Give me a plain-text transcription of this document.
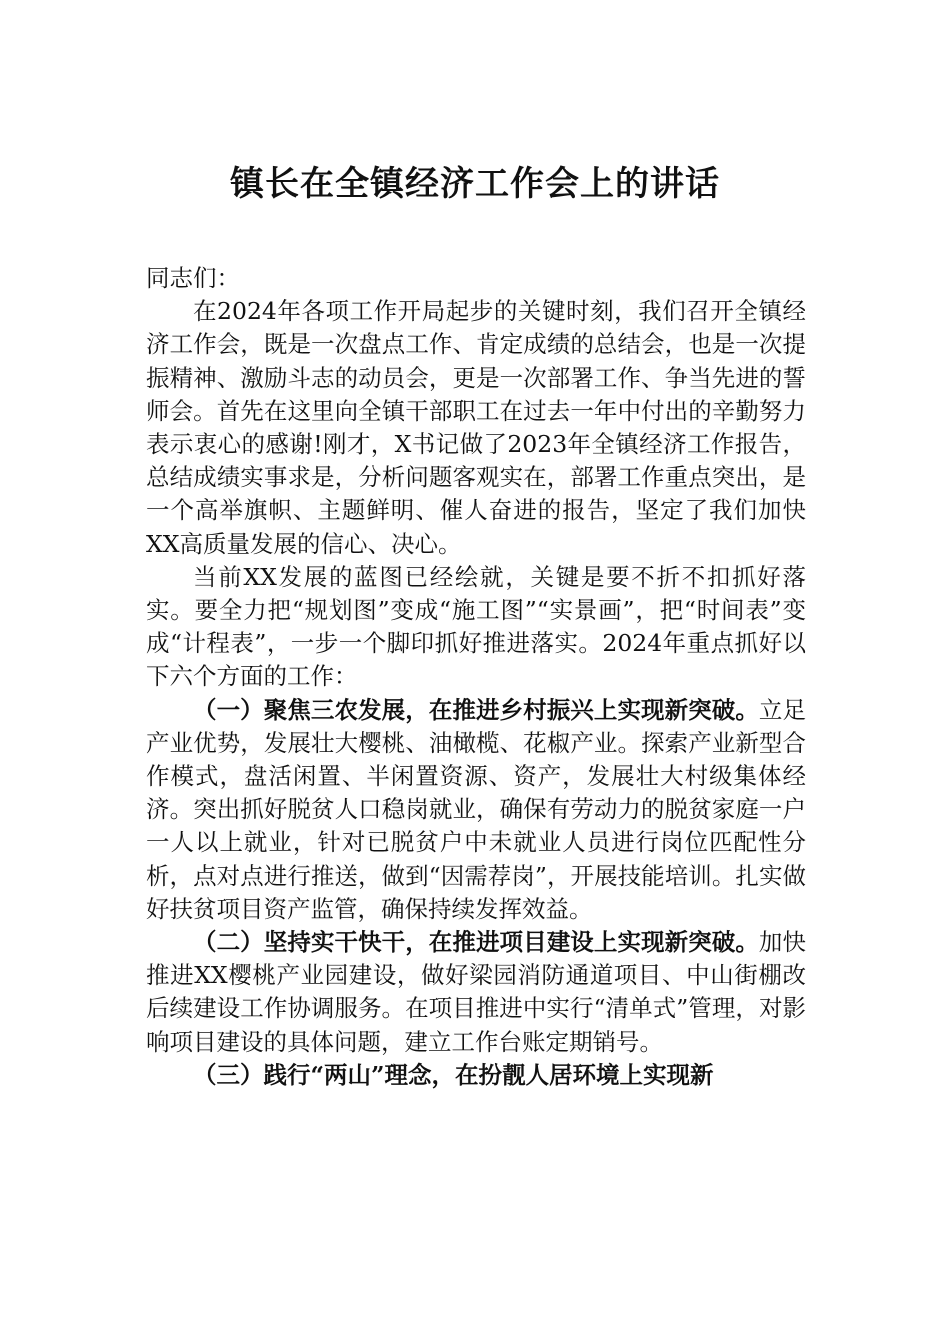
镇长在全镇经济工作会上的讲话

同志们：

在2024年各项工作开局起步的关键时刻，我们召开全镇经济工作会，既是一次盘点工作、肯定成绩的总结会，也是一次提振精神、激励斗志的动员会，更是一次部署工作、争当先进的誓师会。首先在这里向全镇干部职工在过去一年中付出的辛勤努力表示衷心的感谢!刚才，X书记做了2023年全镇经济工作报告，总结成绩实事求是，分析问题客观实在，部署工作重点突出，是一个高举旗帜、主题鲜明、催人奋进的报告，坚定了我们加快XX高质量发展的信心、决心。

当前XX发展的蓝图已经绘就，关键是要不折不扣抓好落实。要全力把“规划图”变成“施工图”“实景画”，把“时间表”变成“计程表”，一步一个脚印抓好推进落实。2024年重点抓好以下六个方面的工作：

（一）聚焦三农发展，在推进乡村振兴上实现新突破。立足产业优势，发展壮大樱桃、油橄榄、花椒产业。探索产业新型合作模式，盘活闲置、半闲置资源、资产，发展壮大村级集体经济。突出抓好脱贫人口稳岗就业，确保有劳动力的脱贫家庭一户一人以上就业，针对已脱贫户中未就业人员进行岗位匹配性分析，点对点进行推送，做到“因需荐岗”，开展技能培训。扎实做好扶贫项目资产监管，确保持续发挥效益。

（二）坚持实干快干，在推进项目建设上实现新突破。加快推进XX樱桃产业园建设，做好梁园消防通道项目、中山街棚改后续建设工作协调服务。在项目推进中实行“清单式”管理，对影响项目建设的具体问题，建立工作台账定期销号。

（三）践行“两山”理念，在扮靓人居环境上实现新
